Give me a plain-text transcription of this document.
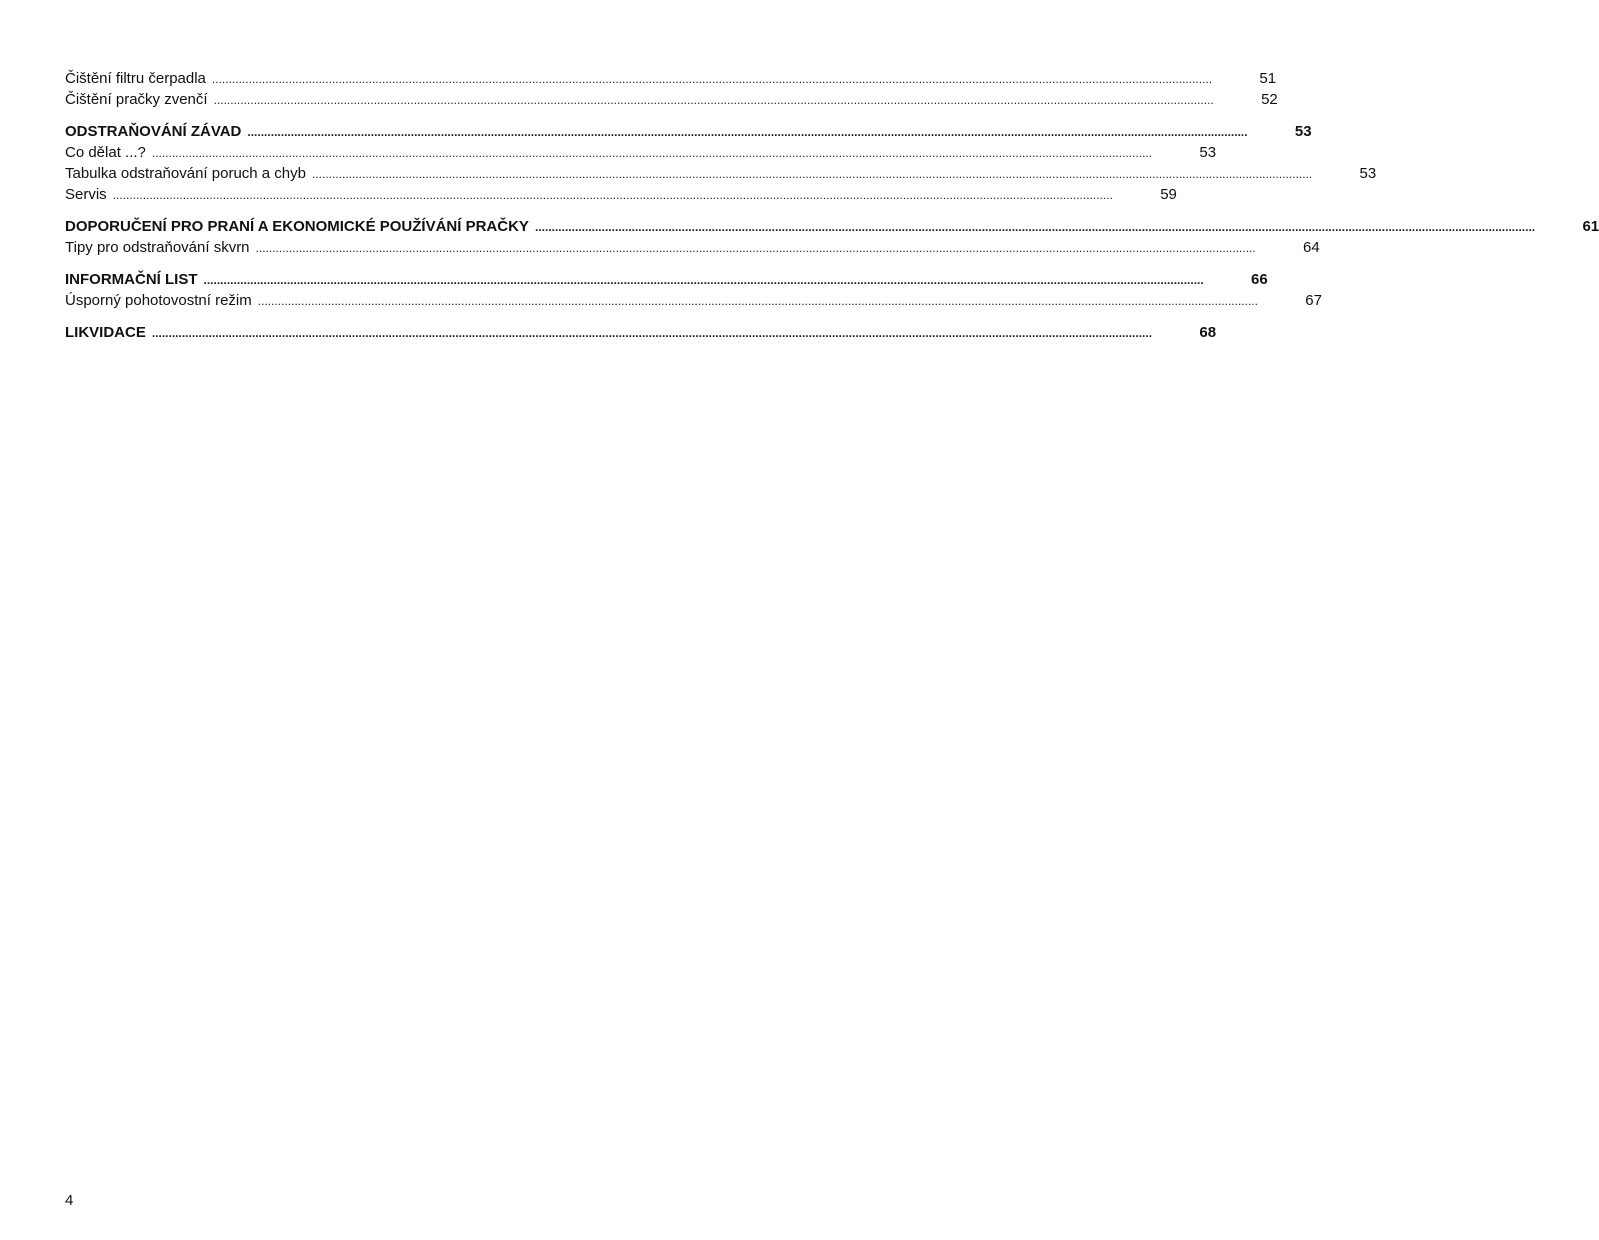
Čištění filtru čerpadla ............................................................................................................................................................................................................................................................................................................	51
Čištění pračky zvenčí ............................................................................................................................................................................................................................................................................................................	52
ODSTRAŇOVÁNÍ ZÁVAD ............................................................................................................................................................................................................................................................................................................	53
Co dělat ...? ............................................................................................................................................................................................................................................................................................................	53
Tabulka odstraňování poruch a chyb ............................................................................................................................................................................................................................................................................................................	53
Servis ............................................................................................................................................................................................................................................................................................................	59
DOPORUČENÍ PRO PRANÍ A EKONOMICKÉ POUŽÍVÁNÍ PRAČKY ............................................................................................................................................................................................................................................................................................................	61
Tipy pro odstraňování skvrn ............................................................................................................................................................................................................................................................................................................	64
INFORMAČNÍ LIST ............................................................................................................................................................................................................................................................................................................	66
Úsporný pohotovostní režim ............................................................................................................................................................................................................................................................................................................	67
LIKVIDACE ............................................................................................................................................................................................................................................................................................................	68
4
